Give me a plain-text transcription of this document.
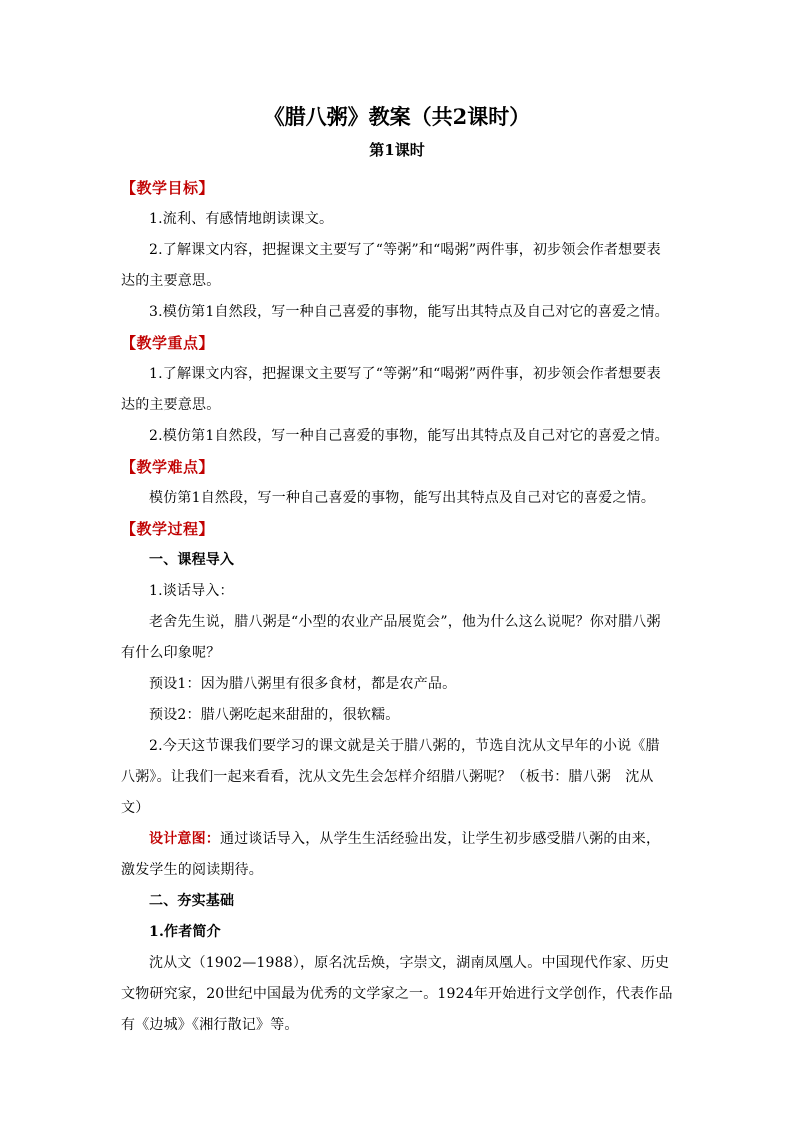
《腊八粥》教案（共2课时）
第1课时
【教学目标】

1.流利、有感情地朗读课文。

2.了解课文内容，把握课文主要写了“等粥”和“喝粥”两件事，初步领会作者想要表达的主要意思。

3.模仿第1自然段，写一种自己喜爱的事物，能写出其特点及自己对它的喜爱之情。

【教学重点】

1.了解课文内容，把握课文主要写了“等粥”和“喝粥”两件事，初步领会作者想要表达的主要意思。

2.模仿第1自然段，写一种自己喜爱的事物，能写出其特点及自己对它的喜爱之情。

【教学难点】

模仿第1自然段，写一种自己喜爱的事物，能写出其特点及自己对它的喜爱之情。

【教学过程】

一、课程导入

1.谈话导入：

老舍先生说，腊八粥是“小型的农业产品展览会”，他为什么这么说呢？你对腊八粥有什么印象呢？

预设1：因为腊八粥里有很多食材，都是农产品。

预设2：腊八粥吃起来甜甜的，很软糯。

2.今天这节课我们要学习的课文就是关于腊八粥的，节选自沈从文早年的小说《腊八粥》。让我们一起来看看，沈从文先生会怎样介绍腊八粥呢？（板书：腊八粥　沈从文）

设计意图：通过谈话导入，从学生生活经验出发，让学生初步感受腊八粥的由来，激发学生的阅读期待。

二、夯实基础

1.作者简介

沈从文（1902—1988），原名沈岳焕，字崇文，湖南凤凰人。中国现代作家、历史文物研究家，20世纪中国最为优秀的文学家之一。1924年开始进行文学创作，代表作品有《边城》《湘行散记》等。
